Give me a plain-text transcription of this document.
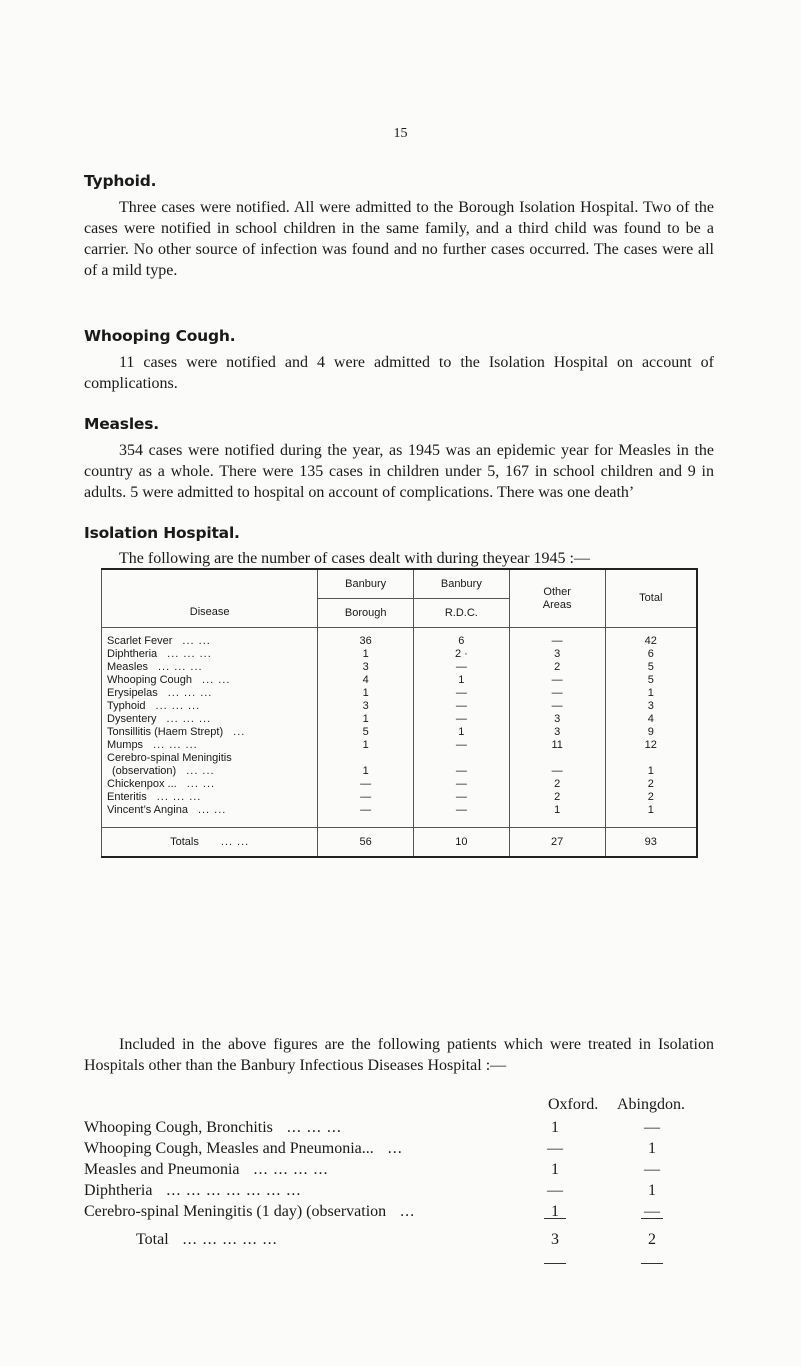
15
Typhoid.

Three cases were notified. All were admitted to the Borough Isolation Hospital. Two of the cases were notified in school children in the same family, and a third child was found to be a carrier. No other source of infection was found and no further cases occurred. The cases were all of a mild type.

Whooping Cough.

11 cases were notified and 4 were admitted to the Isolation Hospital on account of complications.

Measles.

354 cases were notified during the year, as 1945 was an epidemic year for Measles in the country as a whole. There were 135 cases in children under 5, 167 in school children and 9 in adults. 5 were admitted to hospital on account of complications. There was one death’

Isolation Hospital.

The following are the number of cases dealt with during theyear 1945 :—

Disease	Banbury	Banbury	Other Areas	Total
	Borough	R.D.C.		
Scarlet Fever ... ...	36	6	—	42
Diphtheria ... ... ...	1	2 ·	3	6
Measles ... ... ...	3	—	2	5
Whooping Cough ... ...	4	1	—	5
Erysipelas ... ... ...	1	—	—	1
Typhoid ... ... ...	3	—	—	3
Dysentery ... ... ...	1	—	3	4
Tonsillitis (Haem Strept) ...	5	1	3	9
Mumps ... ... ...	1	—	11	12
Cerebro-spinal Meningitis				
(observation) ... ...	1	—	—	1
Chickenpox ... ... ...	—	—	2	2
Enteritis ... ... ...	—	—	2	2
Vincent’s Angina ... ...	—	—	1	1
Totals ... ...	56	10	27	93

Included in the above figures are the following patients which were treated in Isolation Hospitals other than the Banbury Infectious Diseases Hospital :—

Oxford. Abingdon.
Whooping Cough, Bronchitis ... ... ...	1	—
Whooping Cough, Measles and Pneumonia... ...	—	1
Measles and Pneumonia ... ... ... ...	1	—
Diphtheria ... ... ... ... ... ... ...	—	1
Cerebro-spinal Meningitis (1 day) (observation ...	1	—
Total ... ... ... ... ...	3	2
